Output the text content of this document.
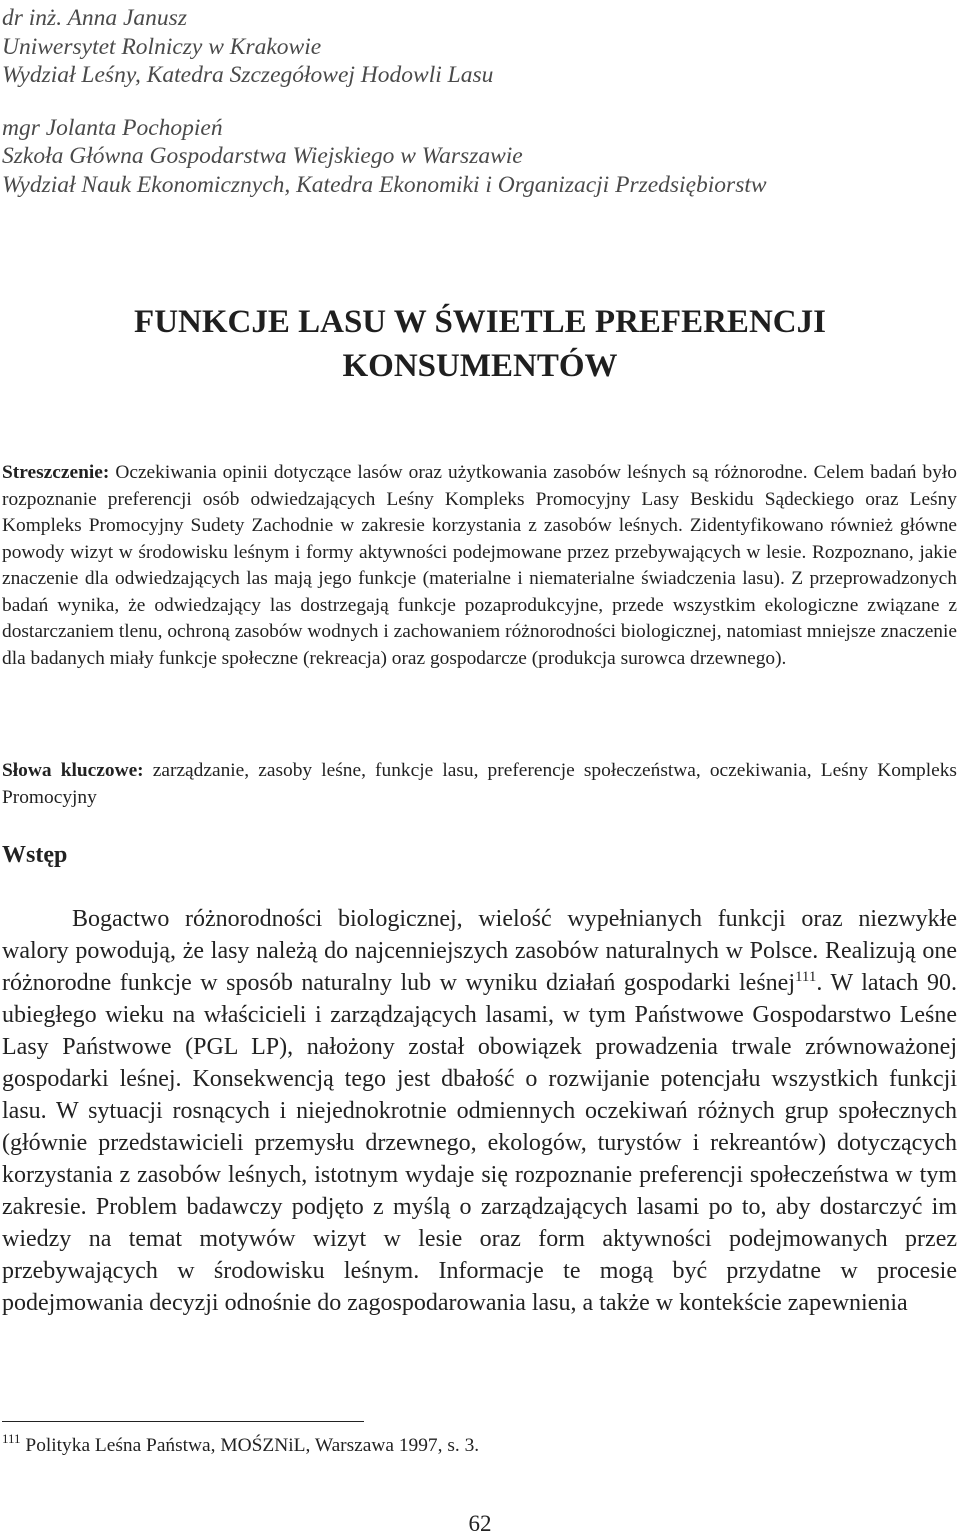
dr inż. Anna Janusz
Uniwersytet Rolniczy w Krakowie
Wydział Leśny, Katedra Szczegółowej Hodowli Lasu
mgr Jolanta Pochopień
Szkoła Główna Gospodarstwa Wiejskiego w Warszawie
Wydział Nauk Ekonomicznych, Katedra Ekonomiki i Organizacji Przedsiębiorstw
FUNKCJE LASU W ŚWIETLE PREFERENCJI
KONSUMENTÓW
Streszczenie: Oczekiwania opinii dotyczące lasów oraz użytkowania zasobów leśnych są różnorodne. Celem badań było rozpoznanie preferencji osób odwiedzających Leśny Kompleks Promocyjny Lasy Beskidu Sądeckiego oraz Leśny Kompleks Promocyjny Sudety Zachodnie w zakresie korzystania z zasobów leśnych. Zidentyfikowano również główne powody wizyt w środowisku leśnym i formy aktywności podejmowane przez przebywających w lesie. Rozpoznano, jakie znaczenie dla odwiedzających las mają jego funkcje (materialne i niematerialne świadczenia lasu). Z przeprowadzonych badań wynika, że odwiedzający las dostrzegają funkcje pozaprodukcyjne, przede wszystkim ekologiczne związane z dostarczaniem tlenu, ochroną zasobów wodnych i zachowaniem różnorodności biologicznej, natomiast mniejsze znaczenie dla badanych miały funkcje społeczne (rekreacja) oraz gospodarcze (produkcja surowca drzewnego).
Słowa kluczowe: zarządzanie, zasoby leśne, funkcje lasu, preferencje społeczeństwa, oczekiwania, Leśny Kompleks Promocyjny
Wstęp
Bogactwo różnorodności biologicznej, wielość wypełnianych funkcji oraz niezwykłe walory powodują, że lasy należą do najcenniejszych zasobów naturalnych w Polsce. Realizują one różnorodne funkcje w sposób naturalny lub w wyniku działań gospodarki leśnej$^{111}$. W latach 90. ubiegłego wieku na właścicieli i zarządzających lasami, w tym Państwowe Gospodarstwo Leśne Lasy Państwowe (PGL LP), nałożony został obowiązek prowadzenia trwale zrównoważonej gospodarki leśnej. Konsekwencją tego jest dbałość o rozwijanie potencjału wszystkich funkcji lasu. W sytuacji rosnących i niejednokrotnie odmiennych oczekiwań różnych grup społecznych (głównie przedstawicieli przemysłu drzewnego, ekologów, turystów i rekreantów) dotyczących korzystania z zasobów leśnych, istotnym wydaje się rozpoznanie preferencji społeczeństwa w tym zakresie. Problem badawczy podjęto z myślą o zarządzających lasami po to, aby dostarczyć im wiedzy na temat motywów wizyt w lesie oraz form aktywności podejmowanych przez przebywających w środowisku leśnym. Informacje te mogą być przydatne w procesie podejmowania decyzji odnośnie do zagospodarowania lasu, a także w kontekście zapewnienia
$^{111}$ Polityka Leśna Państwa, MOŚZNiL, Warszawa 1997, s. 3.
62
